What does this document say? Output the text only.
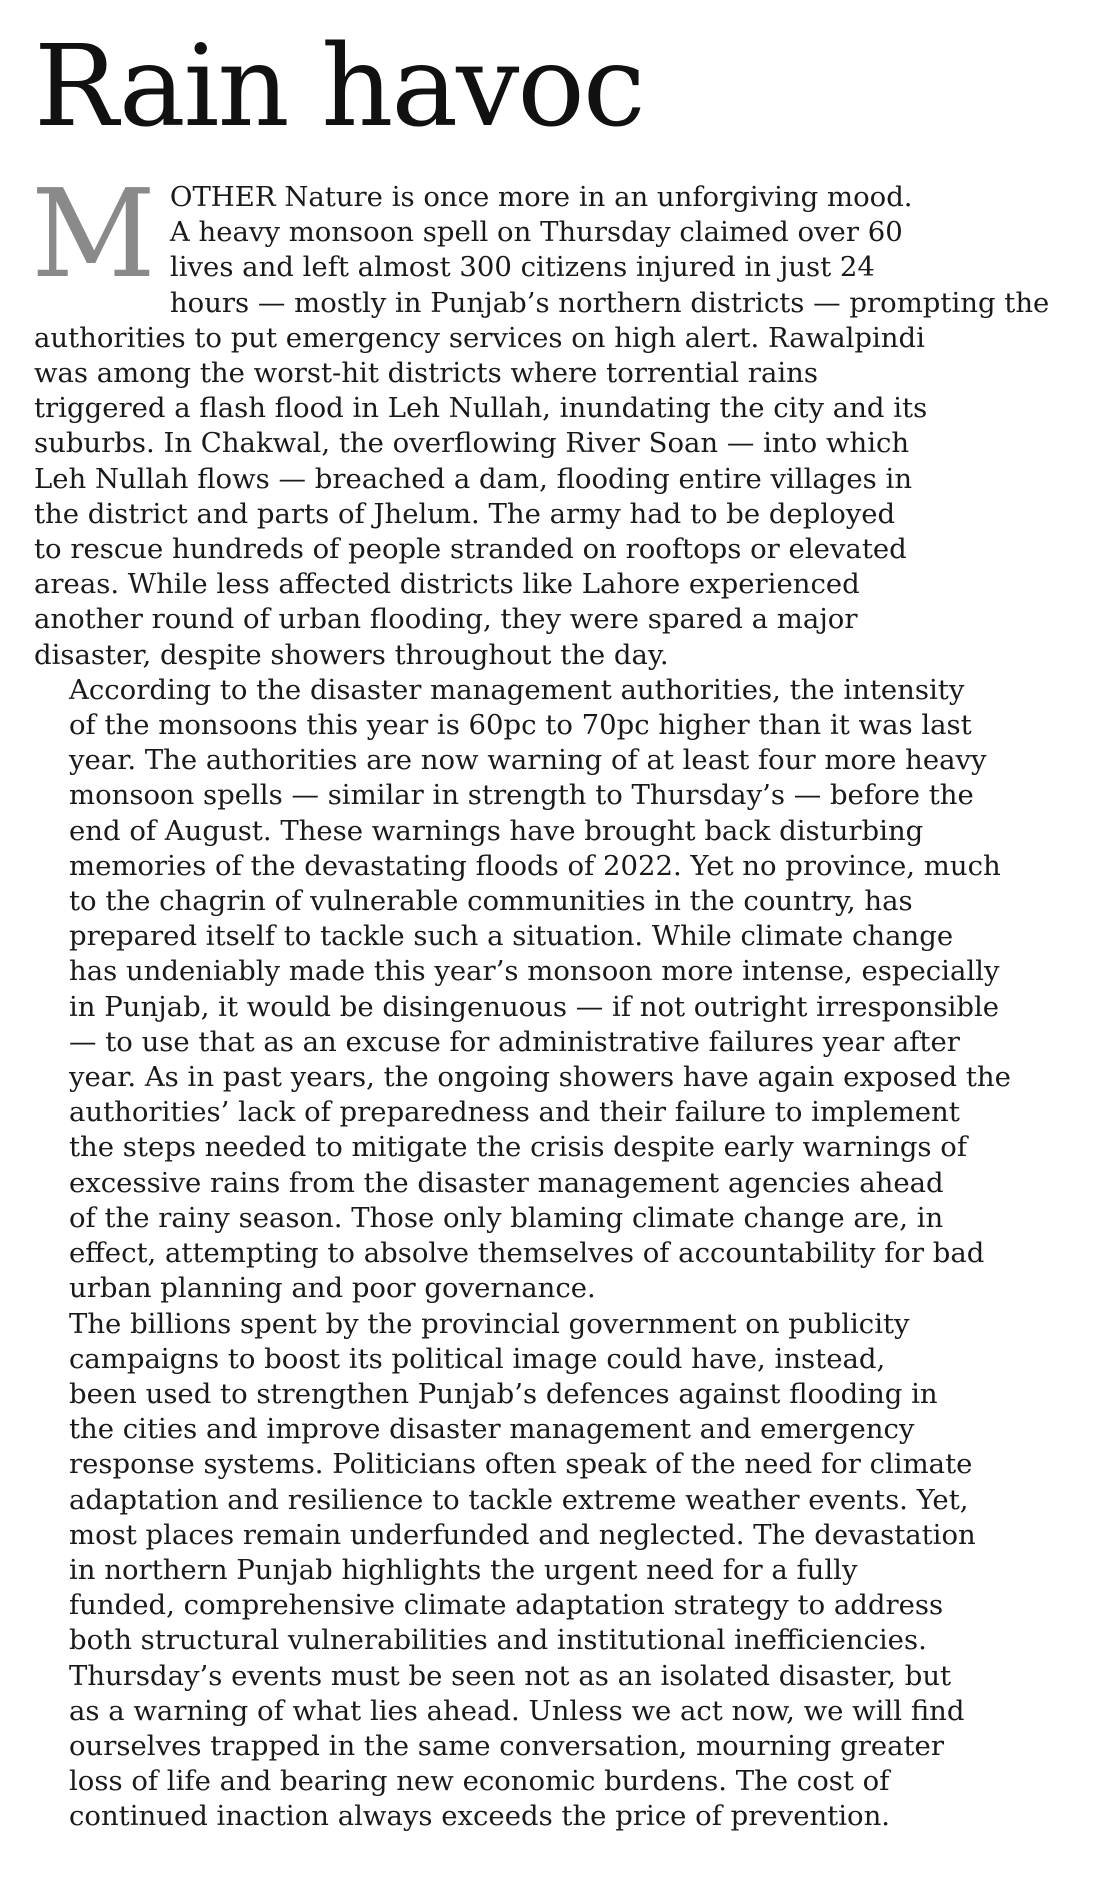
Rain havoc

M OTHER Nature is once more in an unforgiving mood.
A heavy monsoon spell on Thursday claimed over 60
lives and left almost 300 citizens injured in just 24
hours — mostly in Punjab’s northern districts — prompting the
authorities to put emergency services on high alert. Rawalpindi
was among the worst-hit districts where torrential rains
triggered a flash flood in Leh Nullah, inundating the city and its
suburbs. In Chakwal, the overflowing River Soan — into which
Leh Nullah flows — breached a dam, flooding entire villages in
the district and parts of Jhelum. The army had to be deployed
to rescue hundreds of people stranded on rooftops or elevated
areas. While less affected districts like Lahore experienced
another round of urban flooding, they were spared a major
disaster, despite showers throughout the day.

According to the disaster management authorities, the intensity
of the monsoons this year is 60pc to 70pc higher than it was last
year. The authorities are now warning of at least four more heavy
monsoon spells — similar in strength to Thursday’s — before the
end of August. These warnings have brought back disturbing
memories of the devastating floods of 2022. Yet no province, much
to the chagrin of vulnerable communities in the country, has
prepared itself to tackle such a situation. While climate change
has undeniably made this year’s monsoon more intense, especially
in Punjab, it would be disingenuous — if not outright irresponsible
— to use that as an excuse for administrative failures year after
year. As in past years, the ongoing showers have again exposed the
authorities’ lack of preparedness and their failure to implement
the steps needed to mitigate the crisis despite early warnings of
excessive rains from the disaster management agencies ahead
of the rainy season. Those only blaming climate change are, in
effect, attempting to absolve themselves of accountability for bad
urban planning and poor governance.

The billions spent by the provincial government on publicity
campaigns to boost its political image could have, instead,
been used to strengthen Punjab’s defences against flooding in
the cities and improve disaster management and emergency
response systems. Politicians often speak of the need for climate
adaptation and resilience to tackle extreme weather events. Yet,
most places remain underfunded and neglected. The devastation
in northern Punjab highlights the urgent need for a fully
funded, comprehensive climate adaptation strategy to address
both structural vulnerabilities and institutional inefficiencies.
Thursday’s events must be seen not as an isolated disaster, but
as a warning of what lies ahead. Unless we act now, we will find
ourselves trapped in the same conversation, mourning greater
loss of life and bearing new economic burdens. The cost of
continued inaction always exceeds the price of prevention.
